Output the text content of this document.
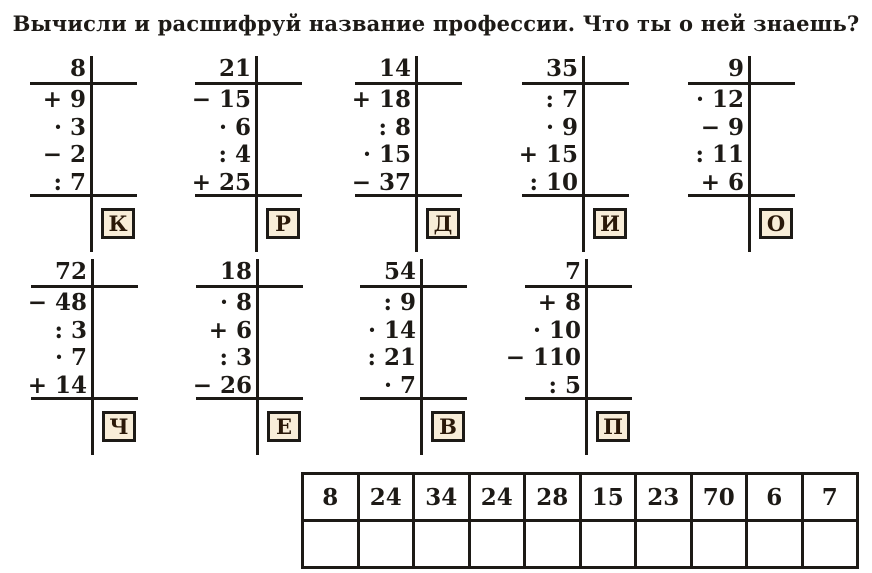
Вычисли и расшифруй название профессии. Что ты о ней знаешь?
8
+ 9
· 3
− 2
: 7
К
21
− 15
· 6
: 4
+ 25
Р
14
+ 18
: 8
· 15
− 37
Д
35
: 7
· 9
+ 15
: 10
И
9
· 12
− 9
: 11
+ 6
О
72
− 48
: 3
· 7
+ 14
Ч
18
· 8
+ 6
: 3
− 26
Е
54
: 9
· 14
: 21
· 7
В
7
+ 8
· 10
− 110
: 5
П
8	24	34	24	28	15	23	70	6	7
